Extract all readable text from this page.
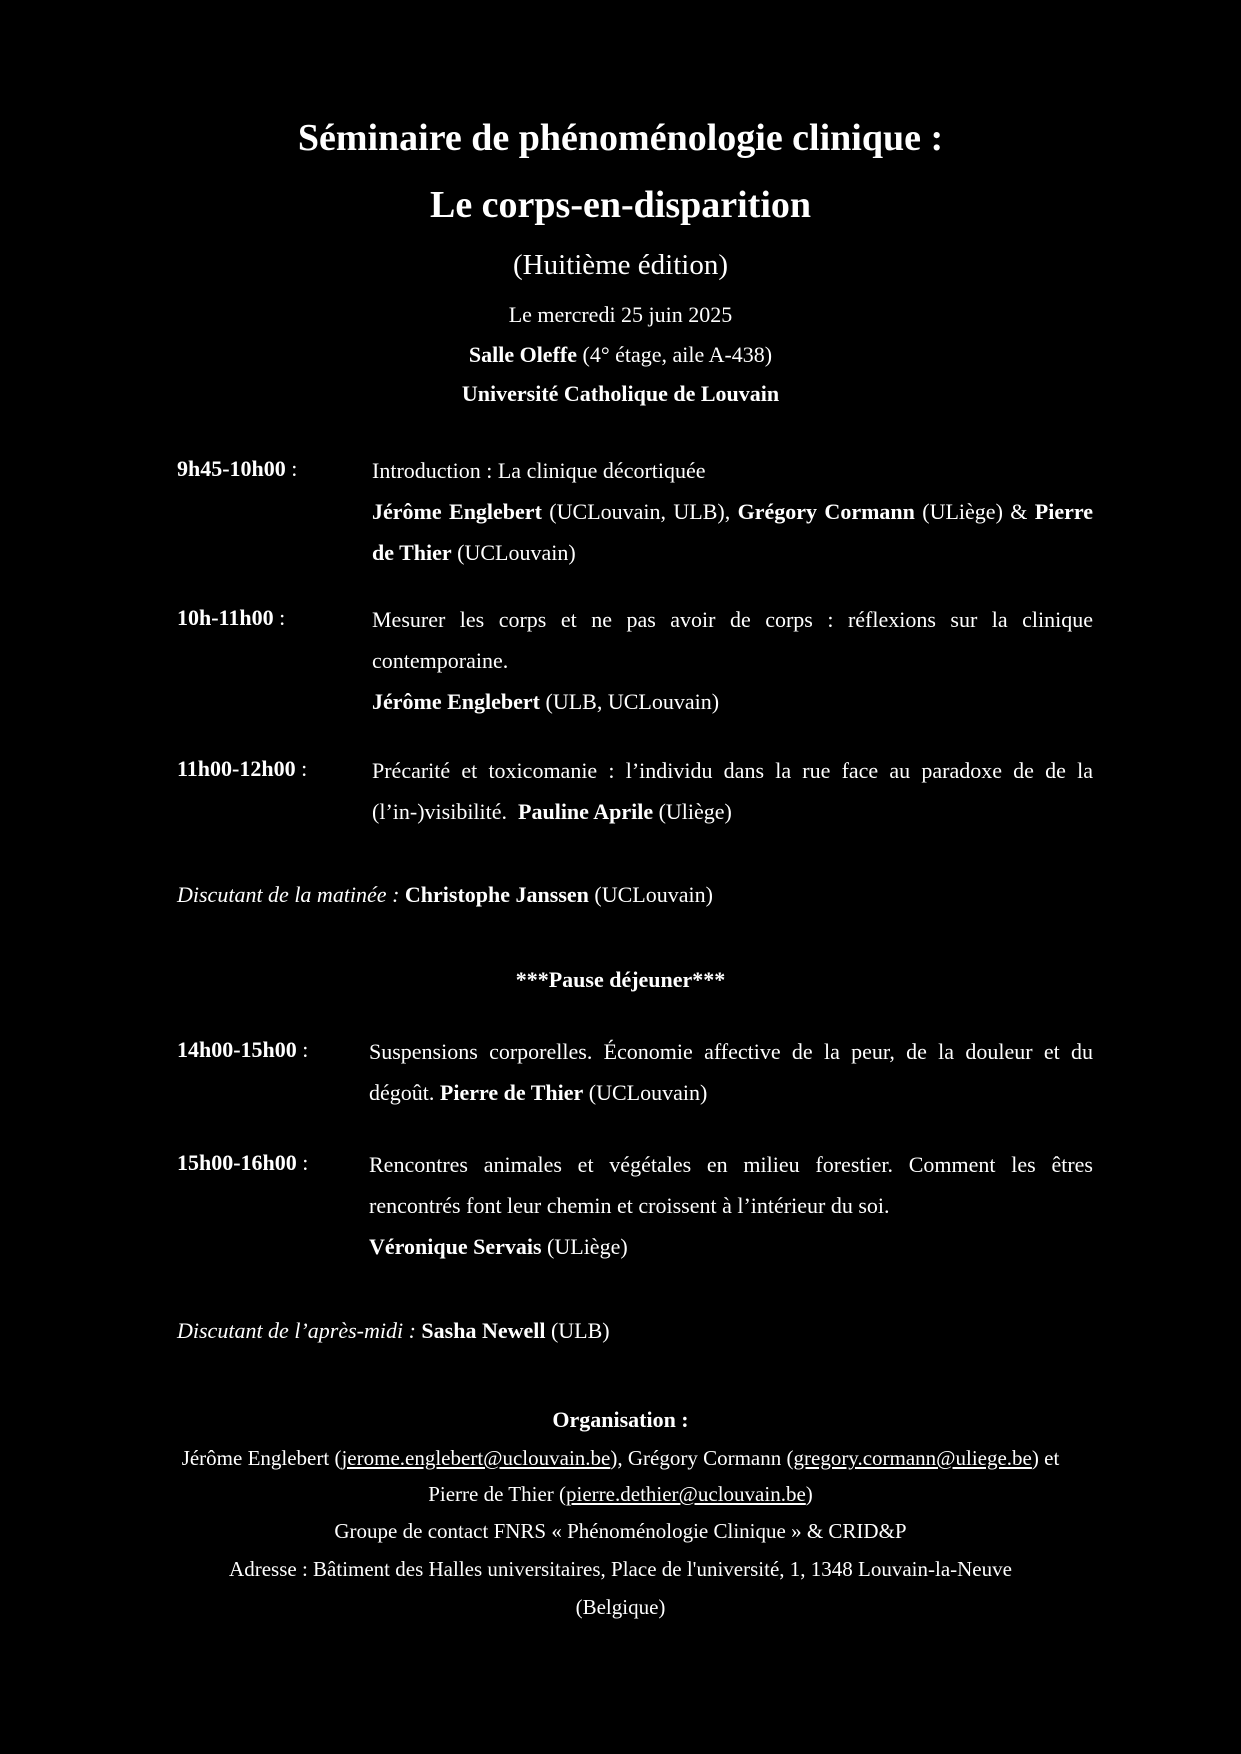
Séminaire de phénoménologie clinique :
Le corps-en-disparition
(Huitième édition)
Le mercredi 25 juin 2025
Salle Oleffe (4° étage, aile A-438)
Université Catholique de Louvain
9h45-10h00 :	Introduction : La clinique décortiquée
Jérôme Englebert (UCLouvain, ULB), Grégory Cormann (ULiège) & Pierre
de Thier (UCLouvain)
10h-11h00 :	Mesurer les corps et ne pas avoir de corps : réflexions sur la clinique
contemporaine.
Jérôme Englebert (ULB, UCLouvain)
11h00-12h00 :	Précarité et toxicomanie : l’individu dans la rue face au paradoxe de de la
(l’in-)visibilité.  Pauline Aprile (Uliège)
Discutant de la matinée : Christophe Janssen (UCLouvain)
***Pause déjeuner***
14h00-15h00 :	Suspensions corporelles. Économie affective de la peur, de la douleur et du
dégoût. Pierre de Thier (UCLouvain)
15h00-16h00 :	Rencontres animales et végétales en milieu forestier. Comment les êtres
rencontrés font leur chemin et croissent à l’intérieur du soi.
Véronique Servais (ULiège)
Discutant de l’après-midi : Sasha Newell (ULB)
Organisation :
Jérôme Englebert (jerome.englebert@uclouvain.be), Grégory Cormann (gregory.cormann@uliege.be) et
Pierre de Thier (pierre.dethier@uclouvain.be)
Groupe de contact FNRS « Phénoménologie Clinique » & CRID&P
Adresse : Bâtiment des Halles universitaires, Place de l'université, 1, 1348 Louvain-la-Neuve
(Belgique)
